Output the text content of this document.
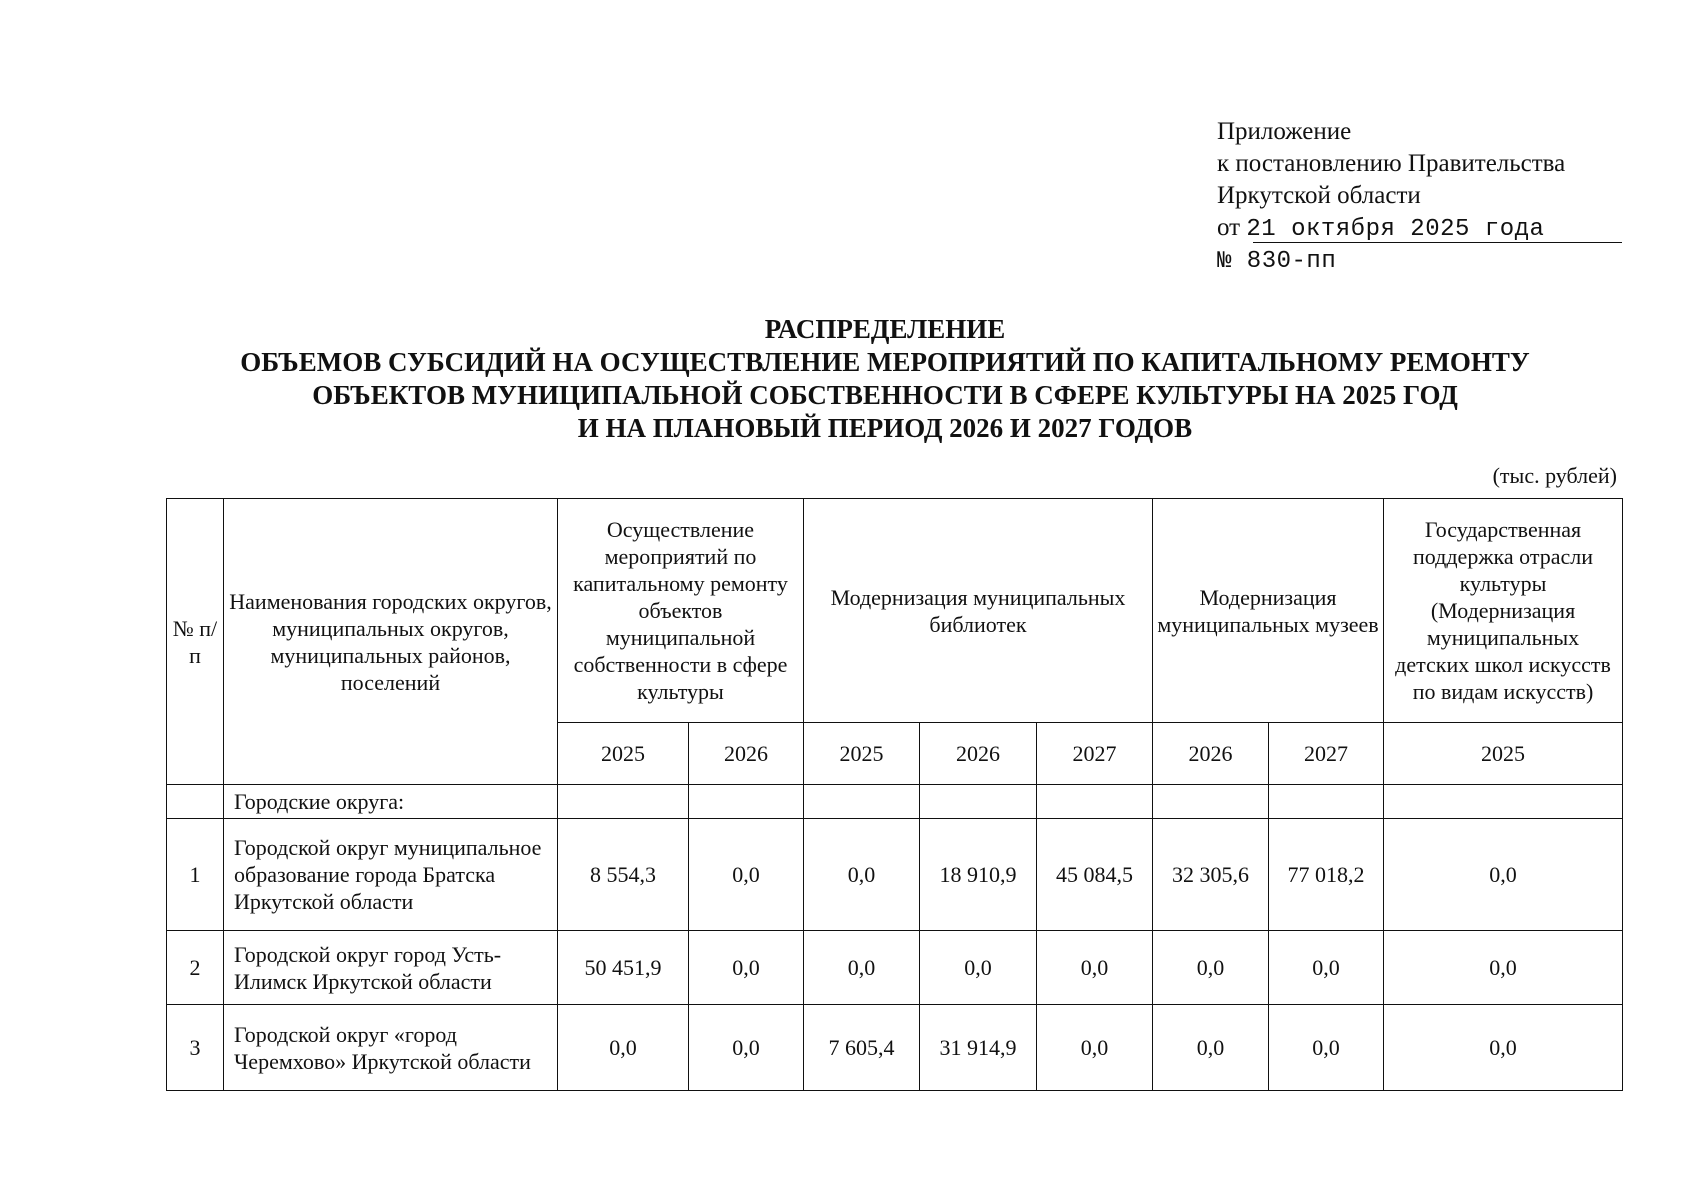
Приложение
к постановлению Правительства
Иркутской области
от 21 октября 2025 года
№ 830-пп
РАСПРЕДЕЛЕНИЕ
ОБЪЕМОВ СУБСИДИЙ НА ОСУЩЕСТВЛЕНИЕ МЕРОПРИЯТИЙ ПО КАПИТАЛЬНОМУ РЕМОНТУ
ОБЪЕКТОВ МУНИЦИПАЛЬНОЙ СОБСТВЕННОСТИ В СФЕРЕ КУЛЬТУРЫ НА 2025 ГОД
И НА ПЛАНОВЫЙ ПЕРИОД 2026 И 2027 ГОДОВ
(тыс. рублей)
№ п/п	Наименования городских округов, муниципальных округов, муниципальных районов, поселений	Осуществление мероприятий по капитальному ремонту объектов муниципальной собственности в сфере культуры		Модернизация муниципальных библиотек			Модернизация муниципальных музеев		Государственная поддержка отрасли культуры (Модернизация муниципальных детских школ искусств по видам искусств)
		2025	2026	2025	2026	2027	2026	2027	2025
	Городские округа:								
1	Городской округ муниципальное образование города Братска Иркутской области	8 554,3	0,0	0,0	18 910,9	45 084,5	32 305,6	77 018,2	0,0
2	Городской округ город Усть-Илимск Иркутской области	50 451,9	0,0	0,0	0,0	0,0	0,0	0,0	0,0
3	Городской округ «город Черемхово» Иркутской области	0,0	0,0	7 605,4	31 914,9	0,0	0,0	0,0	0,0
